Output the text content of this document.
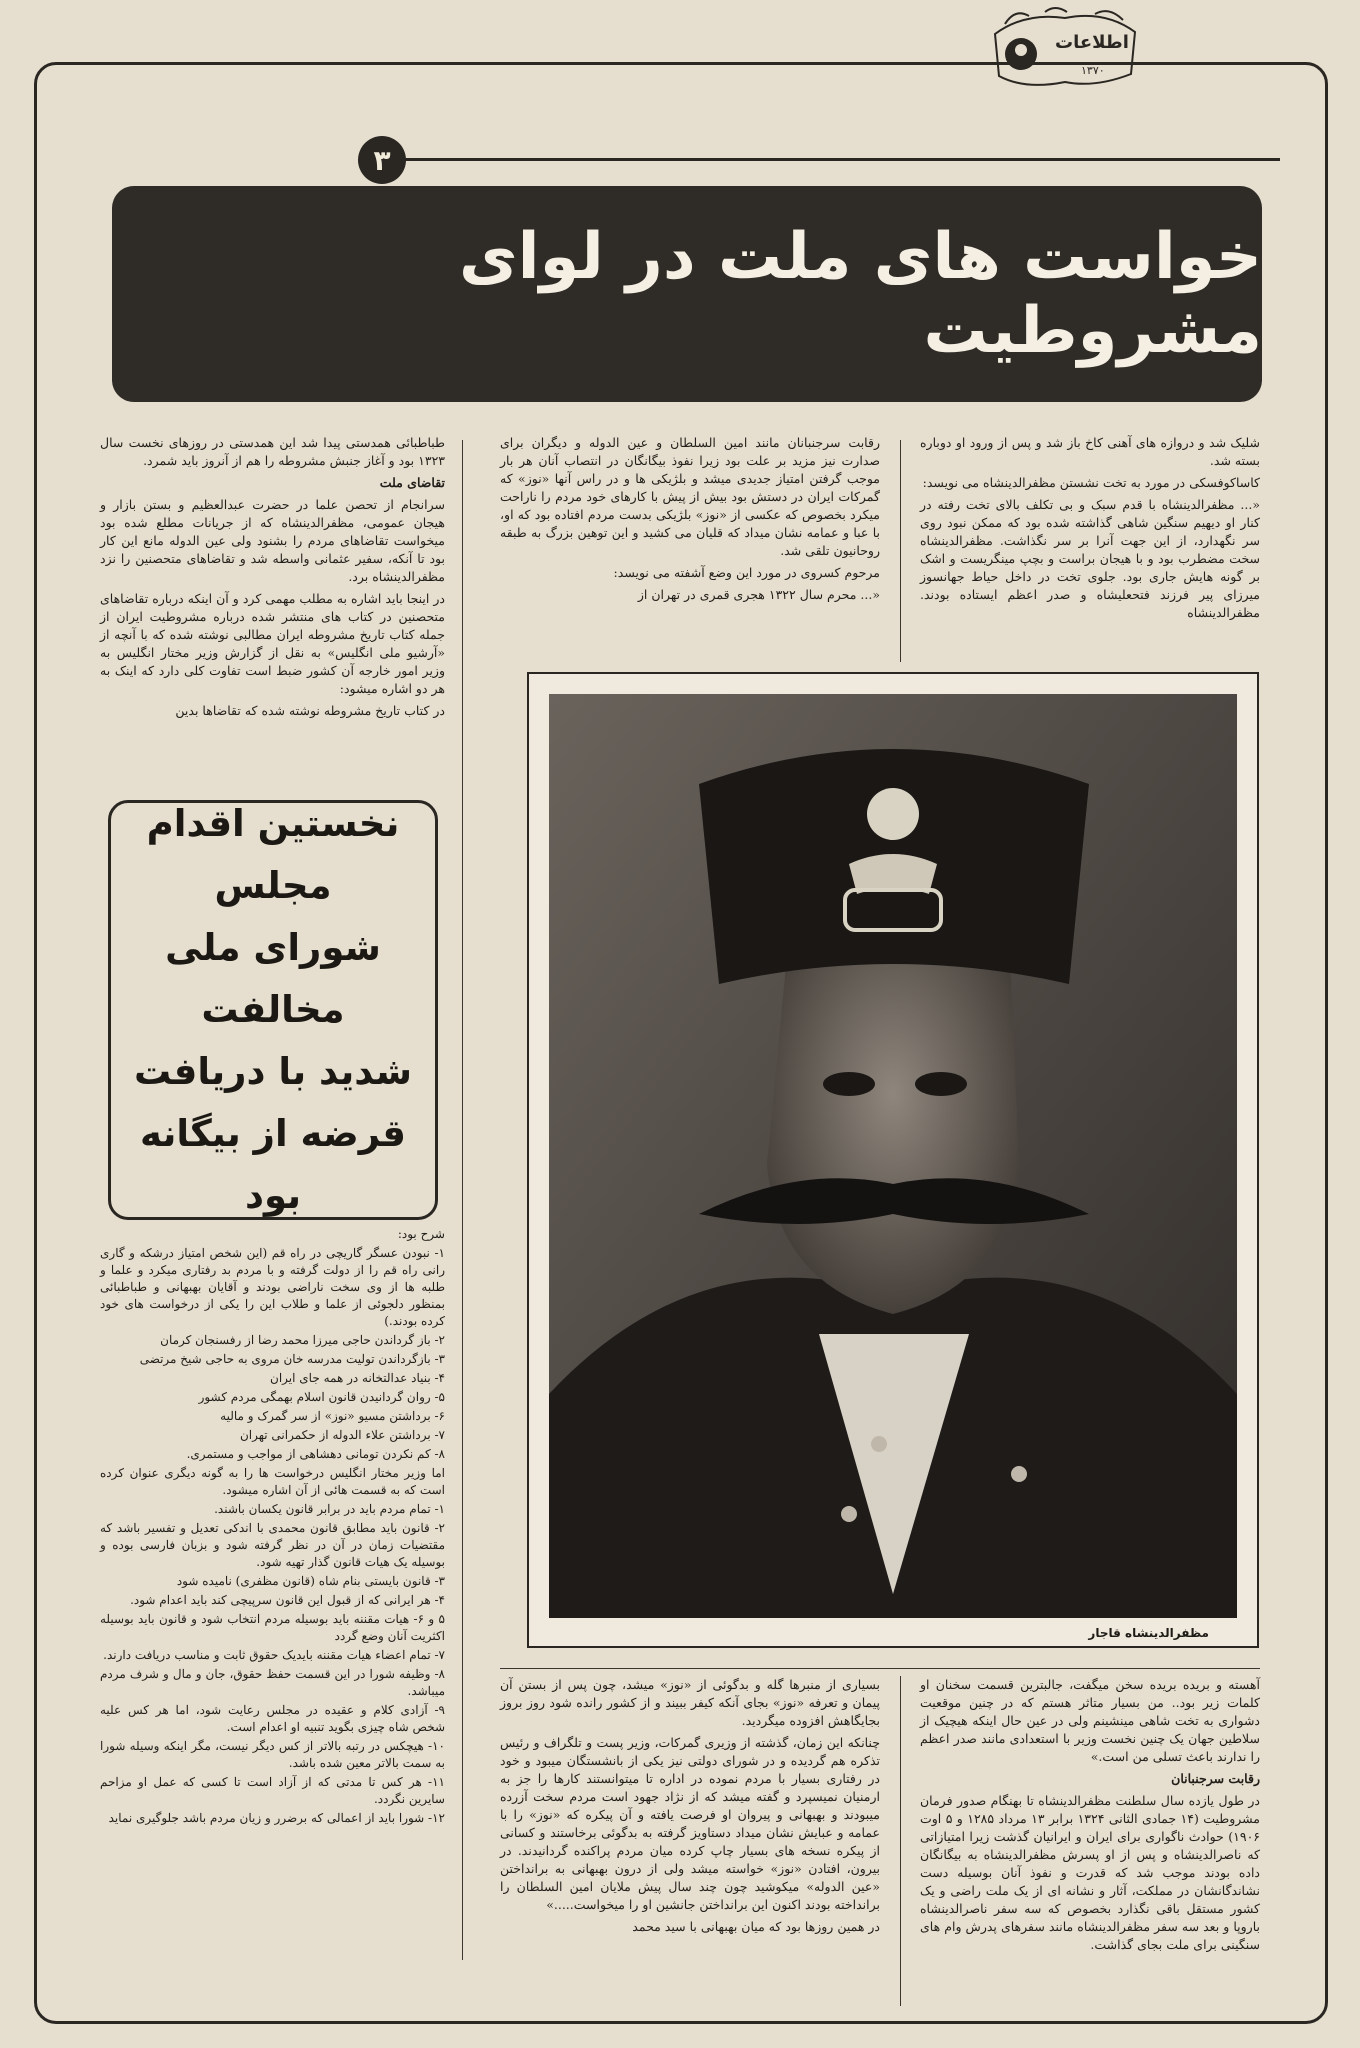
اطلاعات
۱۳۷۰
۳
خواست های ملت در لوای مشروطیت

شلیک شد و دروازه های آهنی کاخ باز شد و پس از ورود او دوباره بسته شد.

کاساکوفسکی در مورد به تخت نشستن مظفرالدینشاه می نویسد:

«... مظفرالدینشاه با قدم سبک و بی تکلف بالای تخت رفته در کنار او دیهیم سنگین شاهی گذاشته شده بود که ممکن نبود روی سر نگهدارد، از این جهت آنرا بر سر نگذاشت. مظفرالدینشاه سخت مضطرب بود و با هیجان براست و بچپ مینگریست و اشک بر گونه هایش جاری بود. جلوی تخت در داخل حیاط جهانسوز میرزای پیر فرزند فتحعلیشاه و صدر اعظم ایستاده بودند. مظفرالدینشاه

رقابت سرجنبانان مانند امین السلطان و عین الدوله و دیگران برای صدارت نیز مزید بر علت بود زیرا نفوذ بیگانگان در انتصاب آنان هر بار موجب گرفتن امتیاز جدیدی میشد و بلژیکی ها و در راس آنها «نوز» که گمرکات ایران در دستش بود بیش از پیش با کارهای خود مردم را ناراحت میکرد بخصوص که عکسی از «نوز» بلژیکی بدست مردم افتاده بود که او، با عبا و عمامه نشان میداد که قلیان می کشید و این توهین بزرگ به طبقه روحانیون تلقی شد.

مرحوم کسروی در مورد این وضع آشفته می نویسد:

«... محرم سال ۱۳۲۲ هجری قمری در تهران از

طباطبائی همدستی پیدا شد این همدستی در روزهای نخست سال ۱۳۲۳ بود و آغاز جنبش مشروطه را هم از آنروز باید شمرد.

تقاضای ملت

سرانجام از تحصن علما در حضرت عبدالعظیم و بستن بازار و هیجان عمومی، مظفرالدینشاه که از جریانات مطلع شده بود میخواست تقاضاهای مردم را بشنود ولی عین الدوله مانع این کار بود تا آنکه، سفیر عثمانی واسطه شد و تقاضاهای متحصنین را نزد مظفرالدینشاه برد.

در اینجا باید اشاره به مطلب مهمی کرد و آن اینکه درباره تقاضاهای متحصنین در کتاب های منتشر شده درباره مشروطیت ایران از جمله کتاب تاریخ مشروطه ایران مطالبی نوشته شده که با آنچه از «آرشیو ملی انگلیس» به نقل از گزارش وزیر مختار انگلیس به وزیر امور خارجه آن کشور ضبط است تفاوت کلی دارد که اینک به هر دو اشاره میشود:

در کتاب تاریخ مشروطه نوشته شده که تقاضاها بدین

نخستین اقدام مجلس
شورای ملی مخالفت
شدید با دریافت
قرضه از بیگانه بود

شرح بود:

۱- نبودن عسگر گاریچی در راه قم (این شخص امتیاز درشکه و گاری رانی راه قم را از دولت گرفته و با مردم بد رفتاری میکرد و علما و طلبه ها از وی سخت ناراضی بودند و آقایان بهبهانی و طباطبائی بمنظور دلجوئی از علما و طلاب این را یکی از درخواست های خود کرده بودند.)

۲- باز گرداندن حاجی میرزا محمد رضا از رفسنجان کرمان

۳- بازگرداندن تولیت مدرسه خان مروی به حاجی شیخ مرتضی

۴- بنیاد عدالتخانه در همه جای ایران

۵- روان گردانیدن قانون اسلام بهمگی مردم کشور

۶- برداشتن مسیو «نوز» از سر گمرک و مالیه

۷- برداشتن علاء الدوله از حکمرانی تهران

۸- کم نکردن تومانی دهشاهی از مواجب و مستمری.

اما وزیر مختار انگلیس درخواست ها را به گونه دیگری عنوان کرده است که به قسمت هائی از آن اشاره میشود.

۱- تمام مردم باید در برابر قانون یکسان باشند.

۲- قانون باید مطابق قانون محمدی با اندکی تعدیل و تفسیر باشد که مقتضیات زمان در آن در نظر گرفته شود و بزبان فارسی بوده و بوسیله یک هیات قانون گذار تهیه شود.

۳- قانون بایستی بنام شاه (قانون مظفری) نامیده شود

۴- هر ایرانی که از قبول این قانون سرپیچی کند باید اعدام شود.

۵ و ۶- هیات مقننه باید بوسیله مردم انتخاب شود و قانون باید بوسیله اکثریت آنان وضع گردد

۷- تمام اعضاء هیات مقننه بایدیک حقوق ثابت و مناسب دریافت دارند.

۸- وظیفه شورا در این قسمت حفظ حقوق، جان و مال و شرف مردم میباشد.

۹- آزادی کلام و عقیده در مجلس رعایت شود، اما هر کس علیه شخص شاه چیزی بگوید تنبیه او اعدام است.

۱۰- هیچکس در رتبه بالاتر از کس دیگر نیست، مگر اینکه وسیله شورا به سمت بالاتر معین شده باشد.

۱۱- هر کس تا مدتی که از آزاد است تا کسی که عمل او مزاحم سایرین نگردد.

۱۲- شورا باید از اعمالی که برضرر و زیان مردم باشد جلوگیری نماید

مظفرالدینشاه قاجار

آهسته و بریده بریده سخن میگفت، جالبترین قسمت سخنان او کلمات زیر بود.. من بسیار متاثر هستم که در چنین موقعیت دشواری به تخت شاهی مینشینم ولی در عین حال اینکه هیچیک از سلاطین جهان یک چنین نخست وزیر با استعدادی مانند صدر اعظم را ندارند باعث تسلی من است.»

رقابت سرجنبانان

در طول یازده سال سلطنت مظفرالدینشاه تا بهنگام صدور فرمان مشروطیت (۱۴ جمادی الثانی ۱۳۲۴ برابر ۱۳ مرداد ۱۲۸۵ و ۵ اوت ۱۹۰۶) حوادث ناگواری برای ایران و ایرانیان گذشت زیرا امتیازاتی که ناصرالدینشاه و پس از او پسرش مظفرالدینشاه به بیگانگان داده بودند موجب شد که قدرت و نفوذ آنان بوسیله دست نشاندگانشان در مملکت، آثار و نشانه ای از یک ملت راضی و یک کشور مستقل باقی نگذارد بخصوص که سه سفر ناصرالدینشاه باروپا و بعد سه سفر مظفرالدینشاه مانند سفرهای پدرش وام های سنگینی برای ملت بجای گذاشت.

بسیاری از منبرها گله و بدگوئی از «نوز» میشد، چون پس از بستن آن پیمان و تعرفه «نوز» بجای آنکه کیفر ببیند و از کشور رانده شود روز بروز بجایگاهش افزوده میگردید.

چنانکه این زمان، گذشته از وزیری گمرکات، وزیر پست و تلگراف و رئیس تذکره هم گردیده و در شورای دولتی نیز یکی از بانشستگان میبود و خود در رفتاری بسیار با مردم نموده در اداره تا میتوانستند کارها را جز به ارمنیان نمیسپرد و گفته میشد که از نژاد جهود است مردم سخت آزرده میبودند و بهبهانی و پیروان او فرصت یافته و آن پیکره که «نوز» را با عمامه و عبایش نشان میداد دستاویز گرفته به بدگوئی برخاستند و کسانی از پیکره نسخه های بسیار چاپ کرده میان مردم پراکنده گردانیدند. در بیرون، افتادن «نوز» خواسته میشد ولی از درون بهبهانی به برانداختن «عین الدوله» میکوشید چون چند سال پیش ملایان امین السلطان را برانداخته بودند اکنون این برانداختن جانشین او را میخواست.....»

در همین روزها بود که میان بهبهانی با سید محمد
